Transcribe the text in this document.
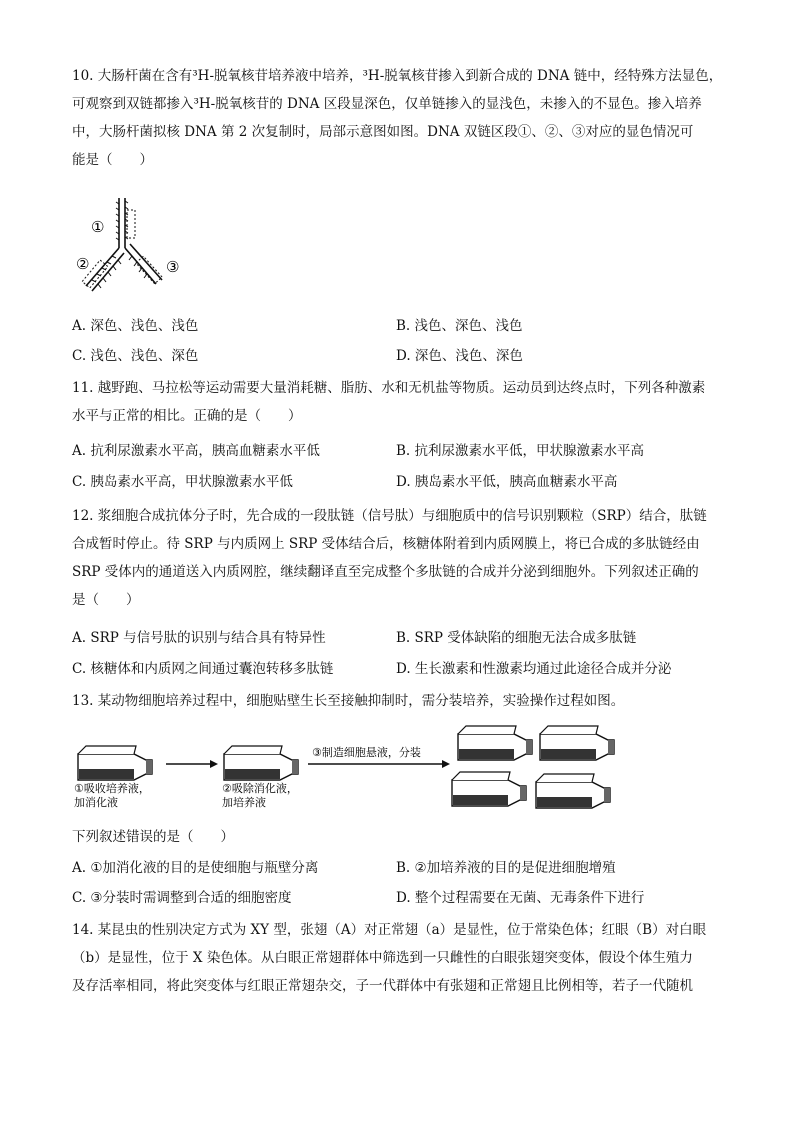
10. 大肠杆菌在含有³H-脱氧核苷培养液中培养，³H-脱氧核苷掺入到新合成的 DNA 链中，经特殊方法显色，
可观察到双链都掺入³H-脱氧核苷的 DNA 区段显深色，仅单链掺入的显浅色，未掺入的不显色。掺入培养
中，大肠杆菌拟核 DNA 第 2 次复制时，局部示意图如图。DNA 双链区段①、②、③对应的显色情况可
能是（　　）
①
②	③
A. 深色、浅色、浅色	B. 浅色、深色、浅色
C. 浅色、浅色、深色	D. 深色、浅色、深色
11. 越野跑、马拉松等运动需要大量消耗糖、脂肪、水和无机盐等物质。运动员到达终点时，下列各种激素
水平与正常的相比。正确的是（　　）
A. 抗利尿激素水平高，胰高血糖素水平低	B. 抗利尿激素水平低，甲状腺激素水平高
C. 胰岛素水平高，甲状腺激素水平低	D. 胰岛素水平低，胰高血糖素水平高
12. 浆细胞合成抗体分子时，先合成的一段肽链（信号肽）与细胞质中的信号识别颗粒（SRP）结合，肽链
合成暂时停止。待 SRP 与内质网上 SRP 受体结合后，核糖体附着到内质网膜上，将已合成的多肽链经由
SRP 受体内的通道送入内质网腔，继续翻译直至完成整个多肽链的合成并分泌到细胞外。下列叙述正确的
是（　　）
A. SRP 与信号肽的识别与结合具有特异性	B. SRP 受体缺陷的细胞无法合成多肽链
C. 核糖体和内质网之间通过囊泡转移多肽链	D. 生长激素和性激素均通过此途径合成并分泌
13. 某动物细胞培养过程中，细胞贴壁生长至接触抑制时，需分装培养，实验操作过程如图。
①吸收培养液，
加消化液
②吸除消化液，
加培养液
③制造细胞悬液，分装
下列叙述错误的是（　　）
A. ①加消化液的目的是使细胞与瓶壁分离	B. ②加培养液的目的是促进细胞增殖
C. ③分装时需调整到合适的细胞密度	D. 整个过程需要在无菌、无毒条件下进行
14. 某昆虫的性别决定方式为 XY 型，张翅（A）对正常翅（a）是显性，位于常染色体；红眼（B）对白眼
（b）是显性，位于 X 染色体。从白眼正常翅群体中筛选到一只雌性的白眼张翅突变体，假设个体生殖力
及存活率相同，将此突变体与红眼正常翅杂交，子一代群体中有张翅和正常翅且比例相等，若子一代随机
